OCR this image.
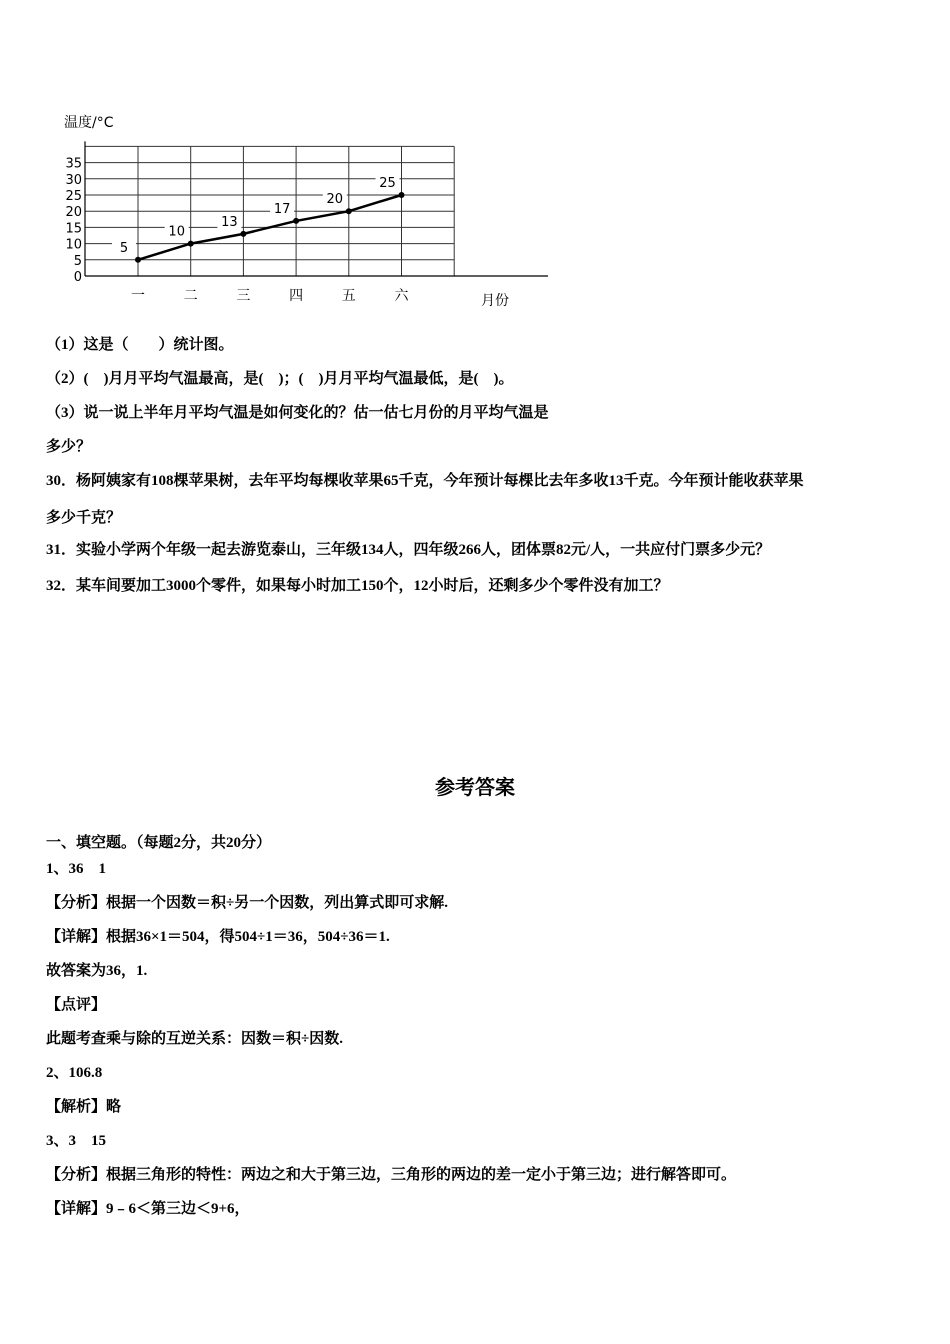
0
5
10
15
20
25
30
35
一	二	三	四	五	六
温度/°C
月份
5
10
13
17
20
25
（1）这是（　　）统计图。
（2）(　)月月平均气温最高，是(　)；(　)月月平均气温最低，是(　)。
（3）说一说上半年月平均气温是如何变化的？估一估七月份的月平均气温是
多少？
30．杨阿姨家有108棵苹果树，去年平均每棵收苹果65千克，今年预计每棵比去年多收13千克。今年预计能收获苹果
多少千克？
31．实验小学两个年级一起去游览泰山，三年级134人，四年级266人，团体票82元/人，一共应付门票多少元？
32．某车间要加工3000个零件，如果每小时加工150个，12小时后，还剩多少个零件没有加工？
参考答案
一、填空题。（每题2分，共20分）
1、36　1
【分析】根据一个因数＝积÷另一个因数，列出算式即可求解.
【详解】根据36×1＝504，得504÷1＝36，504÷36＝1.
故答案为36，1.
【点评】
此题考查乘与除的互逆关系：因数＝积÷因数.
2、106.8
【解析】略
3、3　15
【分析】根据三角形的特性：两边之和大于第三边，三角形的两边的差一定小于第三边；进行解答即可。
【详解】9﹣6＜第三边＜9+6，
